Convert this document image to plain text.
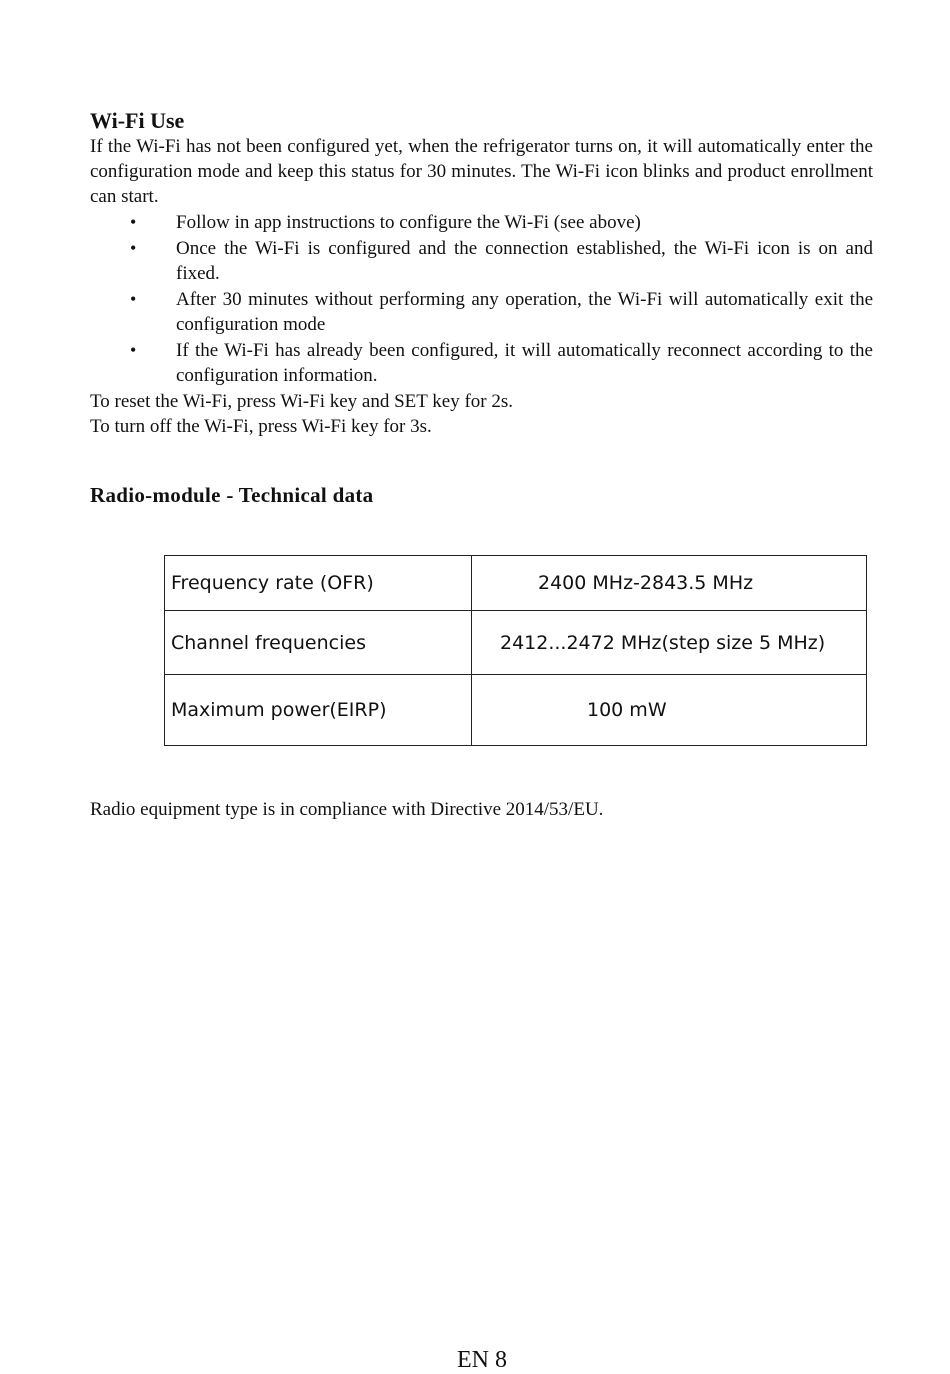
Wi-Fi Use

If the Wi-Fi has not been configured yet, when the refrigerator turns on, it will automatically enter the configuration mode and keep this status for 30 minutes. The Wi-Fi icon blinks and product enrollment can start.

• Follow in app instructions to configure the Wi-Fi (see above)
• Once the Wi-Fi is configured and the connection established, the Wi-Fi icon is on and fixed.
• After 30 minutes without performing any operation, the Wi-Fi will automatically exit the configuration mode
• If the Wi-Fi has already been configured, it will automatically reconnect according to the configuration information.

To reset the Wi-Fi, press Wi-Fi key and SET key for 2s.

To turn off the Wi-Fi, press Wi-Fi key for 3s.

Radio-module - Technical data

Frequency rate (OFR)	2400 MHz-2843.5 MHz
Channel frequencies	2412...2472 MHz(step size 5 MHz)
Maximum power(EIRP)	100 mW

Radio equipment type is in compliance with Directive 2014/53/EU.

EN 8
